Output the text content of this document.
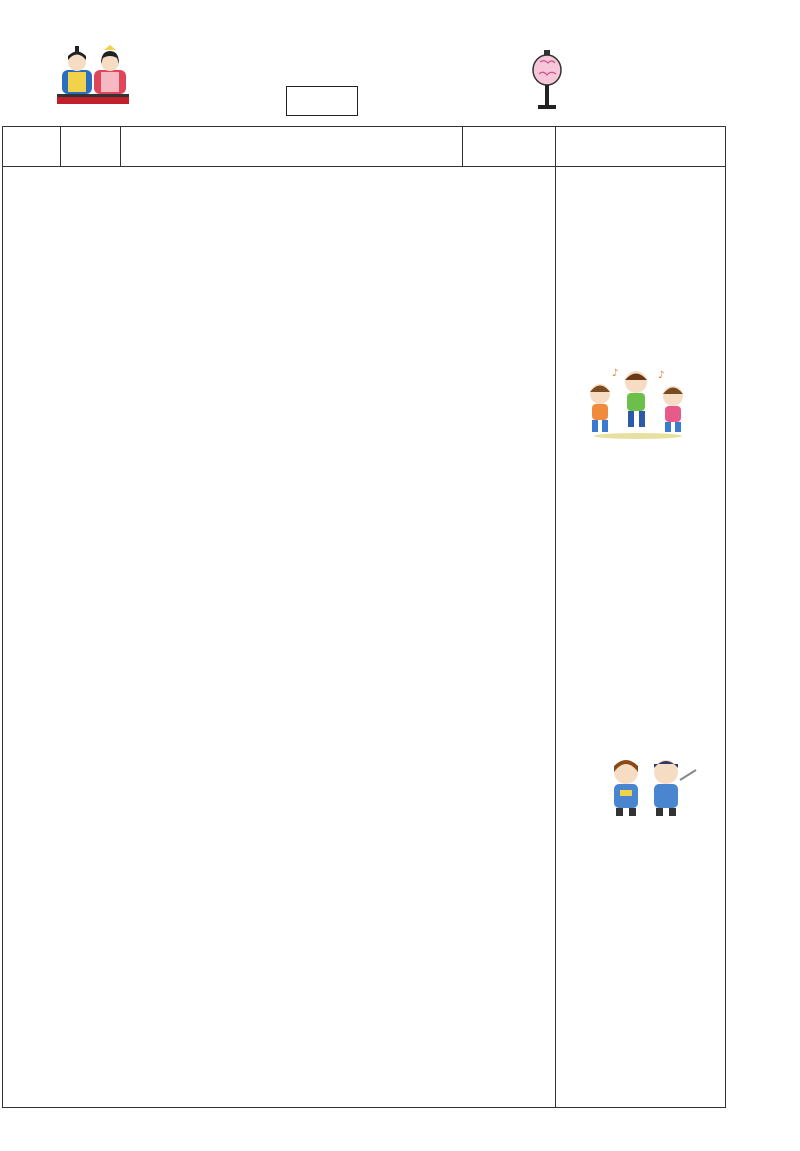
♪	♪
